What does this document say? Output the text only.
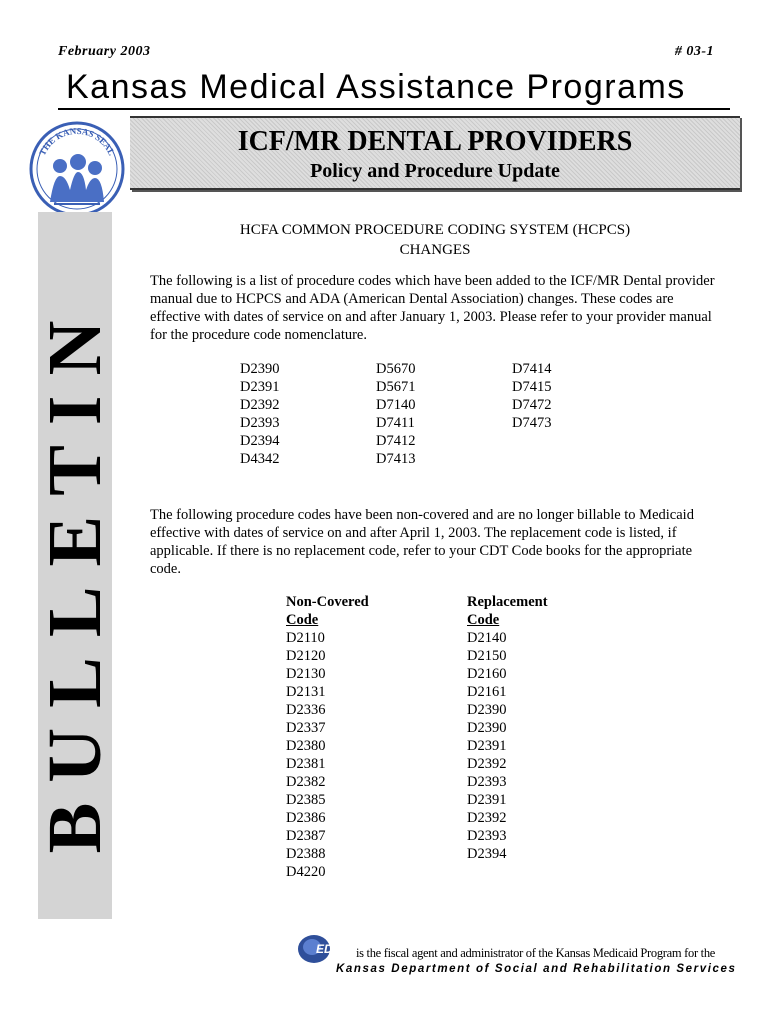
February 2003	# 03-1
Kansas Medical Assistance Programs
THE KANSAS SEAL	ICF/MR DENTAL PROVIDERS
Policy and Procedure Update
BULLETIN
HCFA COMMON PROCEDURE CODING SYSTEM (HCPCS)
CHANGES
The following is a list of procedure codes which have been added to the ICF/MR Dental provider manual due to HCPCS and ADA (American Dental Association) changes. These codes are effective with dates of service on and after January 1, 2003. Please refer to your provider manual for the procedure code nomenclature.
D2390
D2391
D2392
D2393
D2394
D4342
D5670
D5671
D7140
D7411
D7412
D7413
D7414
D7415
D7472
D7473
The following procedure codes have been non-covered and are no longer billable to Medicaid effective with dates of service on and after April 1, 2003. The replacement code is listed, if applicable. If there is no replacement code, refer to your CDT Code books for the appropriate code.
Non-Covered
Code
Replacement
Code
D2110
D2120
D2130
D2131
D2336
D2337
D2380
D2381
D2382
D2385
D2386
D2387
D2388
D4220
D2140
D2150
D2160
D2161
D2390
D2390
D2391
D2392
D2393
D2391
D2392
D2393
D2394
EDS is the fiscal agent and administrator of the Kansas Medicaid Program for the
Kansas Department of Social and Rehabilitation Services
